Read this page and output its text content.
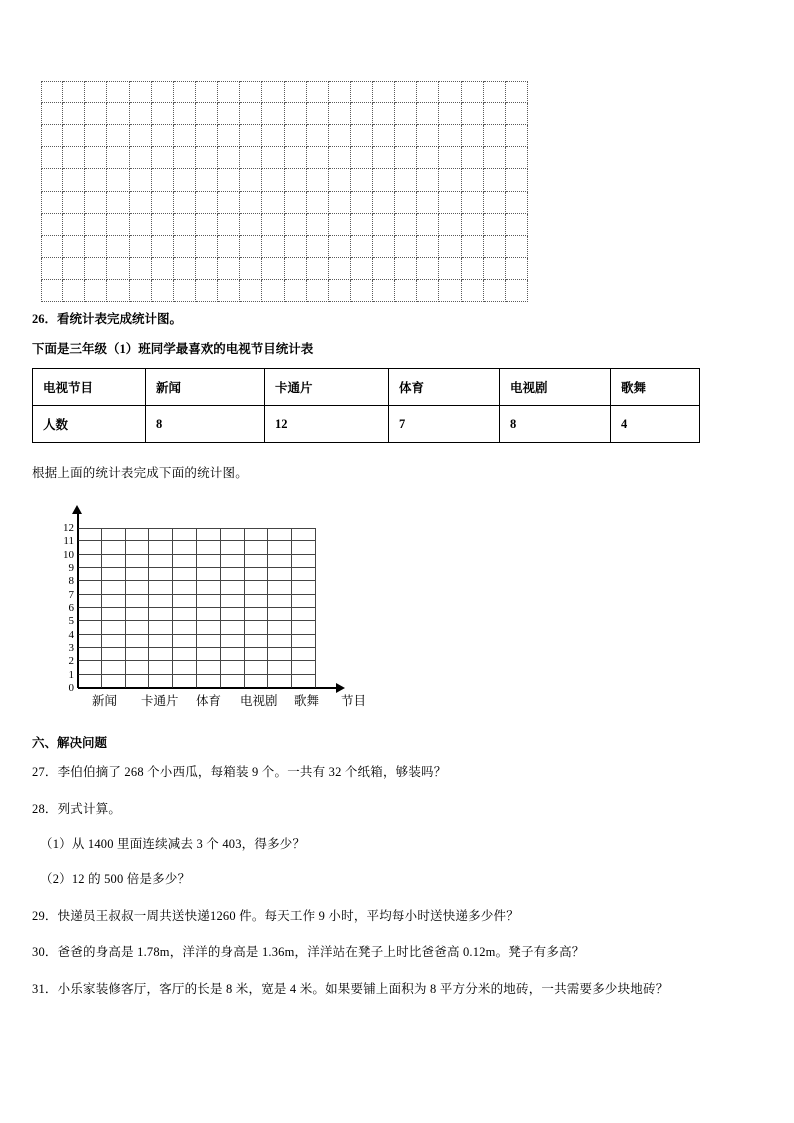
26．看统计表完成统计图。
下面是三年级（1）班同学最喜欢的电视节目统计表
电视节目	新闻	卡通片	体育	电视剧	歌舞
人数	8	12	7	8	4
根据上面的统计表完成下面的统计图。
12
11
10
9
8
7
6
5
4
3
2
1
0
新闻 卡通片 体育 电视剧 歌舞 节目
六、解决问题
27．李伯伯摘了 268 个小西瓜，每箱装 9 个。一共有 32 个纸箱，够装吗？
28．列式计算。
（1）从 1400 里面连续减去 3 个 403，得多少？
（2）12 的 500 倍是多少？
29．快递员王叔叔一周共送快递1260 件。每天工作 9 小时，平均每小时送快递多少件？
30．爸爸的身高是 1.78m，洋洋的身高是 1.36m，洋洋站在凳子上时比爸爸高 0.12m。凳子有多高？
31．小乐家装修客厅，客厅的长是 8 米，宽是 4 米。如果要铺上面积为 8 平方分米的地砖，一共需要多少块地砖？
